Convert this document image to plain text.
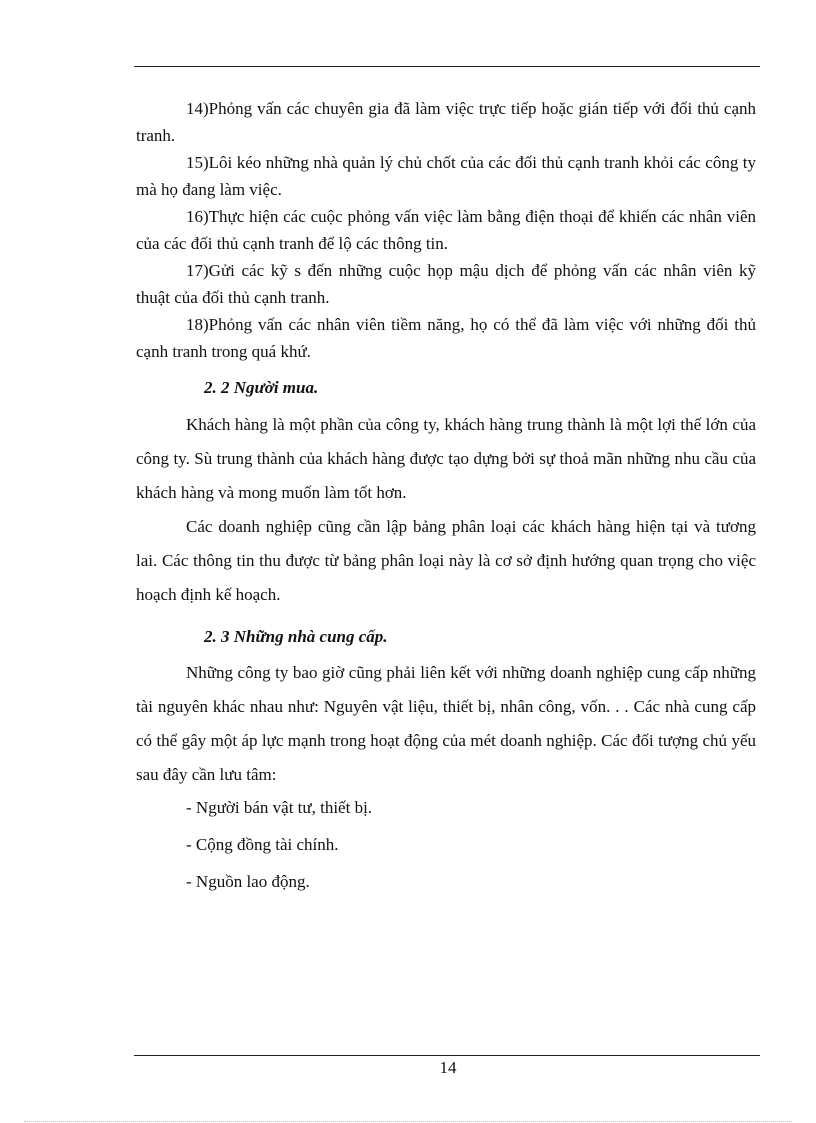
14)Phỏng vấn các chuyên gia đã làm việc trực tiếp hoặc gián tiếp với đối thủ cạnh tranh.

15)Lôi kéo những nhà quản lý chủ chốt của các đối thủ cạnh tranh khỏi các công ty mà họ đang làm việc.

16)Thực hiện các cuộc phỏng vấn việc làm bằng điện thoại để khiến các nhân viên của các đối thủ cạnh tranh để lộ các thông tin.

17)Gửi các kỹ s đến những cuộc họp mậu dịch để phỏng vấn các nhân viên kỹ thuật của đối thủ cạnh tranh.

18)Phỏng vấn các nhân viên tiềm năng, họ có thể đã làm việc với những đối thủ cạnh tranh trong quá khứ.

2. 2 Người mua.

Khách hàng là một phần của công ty, khách hàng trung thành là một lợi thế lớn của công ty. Sù trung thành của khách hàng được tạo dựng bởi sự thoả mãn những nhu cầu của khách hàng và mong muốn làm tốt hơn.

Các doanh nghiệp cũng cần lập bảng phân loại các khách hàng hiện tại và tương lai. Các thông tin thu được từ bảng phân loại này là cơ sở định hướng quan trọng cho việc hoạch định kế hoạch.

2. 3 Những nhà cung cấp.

Những công ty bao giờ cũng phải liên kết với những doanh nghiệp cung cấp những tài nguyên khác nhau như: Nguyên vật liệu, thiết bị, nhân công, vốn. . . Các nhà cung cấp có thể gây một áp lực mạnh trong hoạt động của mét doanh nghiệp. Các đối tượng chủ yếu sau đây cần lưu tâm:

- Người bán vật tư, thiết bị.
- Cộng đồng tài chính.
- Nguồn lao động.
14
